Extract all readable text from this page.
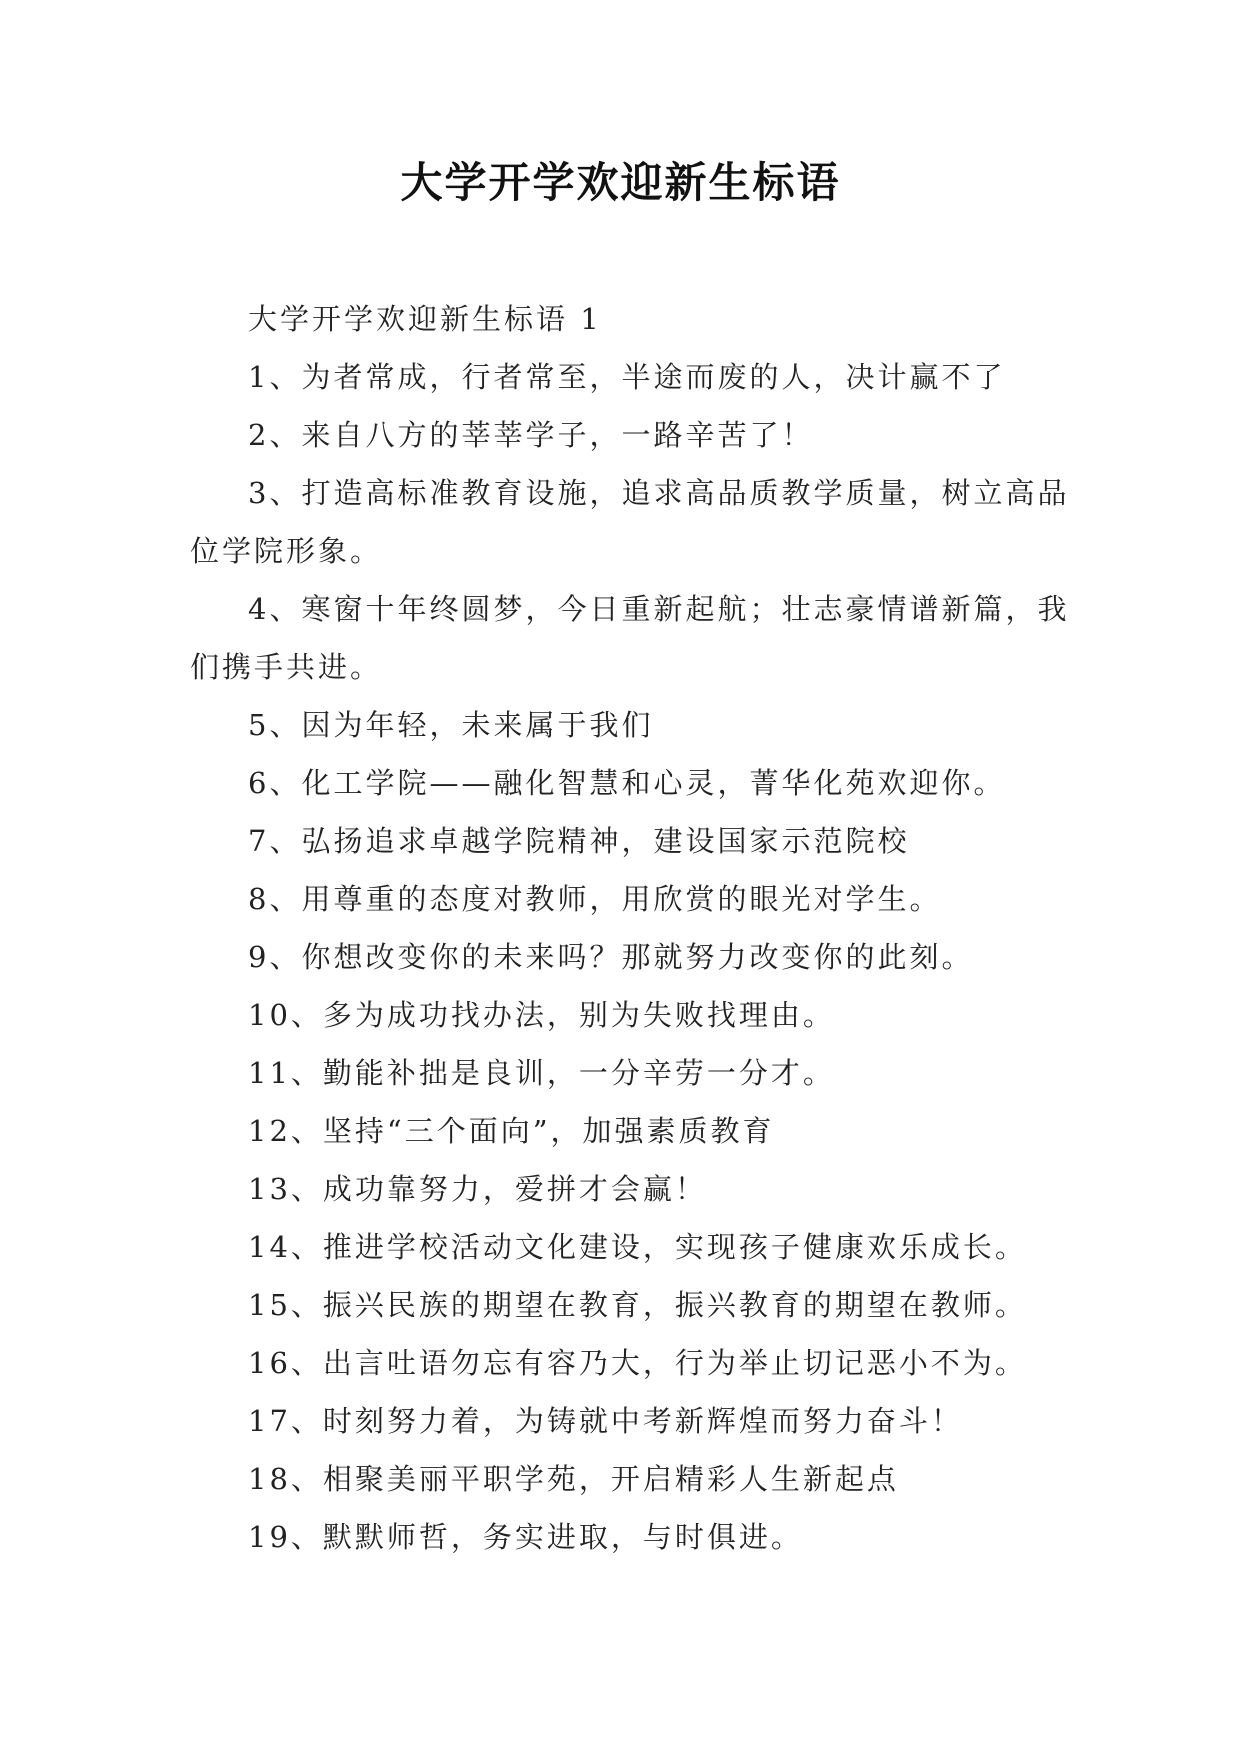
大学开学欢迎新生标语

大学开学欢迎新生标语 1

1、为者常成，行者常至，半途而废的人，决计赢不了

2、来自八方的莘莘学子，一路辛苦了！

3、打造高标准教育设施，追求高品质教学质量，树立高品位学院形象。

4、寒窗十年终圆梦，今日重新起航；壮志豪情谱新篇，我们携手共进。

5、因为年轻，未来属于我们

6、化工学院——融化智慧和心灵，菁华化苑欢迎你。

7、弘扬追求卓越学院精神，建设国家示范院校

8、用尊重的态度对教师，用欣赏的眼光对学生。

9、你想改变你的未来吗？那就努力改变你的此刻。

10、多为成功找办法，别为失败找理由。

11、勤能补拙是良训，一分辛劳一分才。

12、坚持“三个面向”，加强素质教育

13、成功靠努力，爱拼才会赢！

14、推进学校活动文化建设，实现孩子健康欢乐成长。

15、振兴民族的期望在教育，振兴教育的期望在教师。

16、出言吐语勿忘有容乃大，行为举止切记恶小不为。

17、时刻努力着，为铸就中考新辉煌而努力奋斗！

18、相聚美丽平职学苑，开启精彩人生新起点

19、默默师哲，务实进取，与时俱进。
